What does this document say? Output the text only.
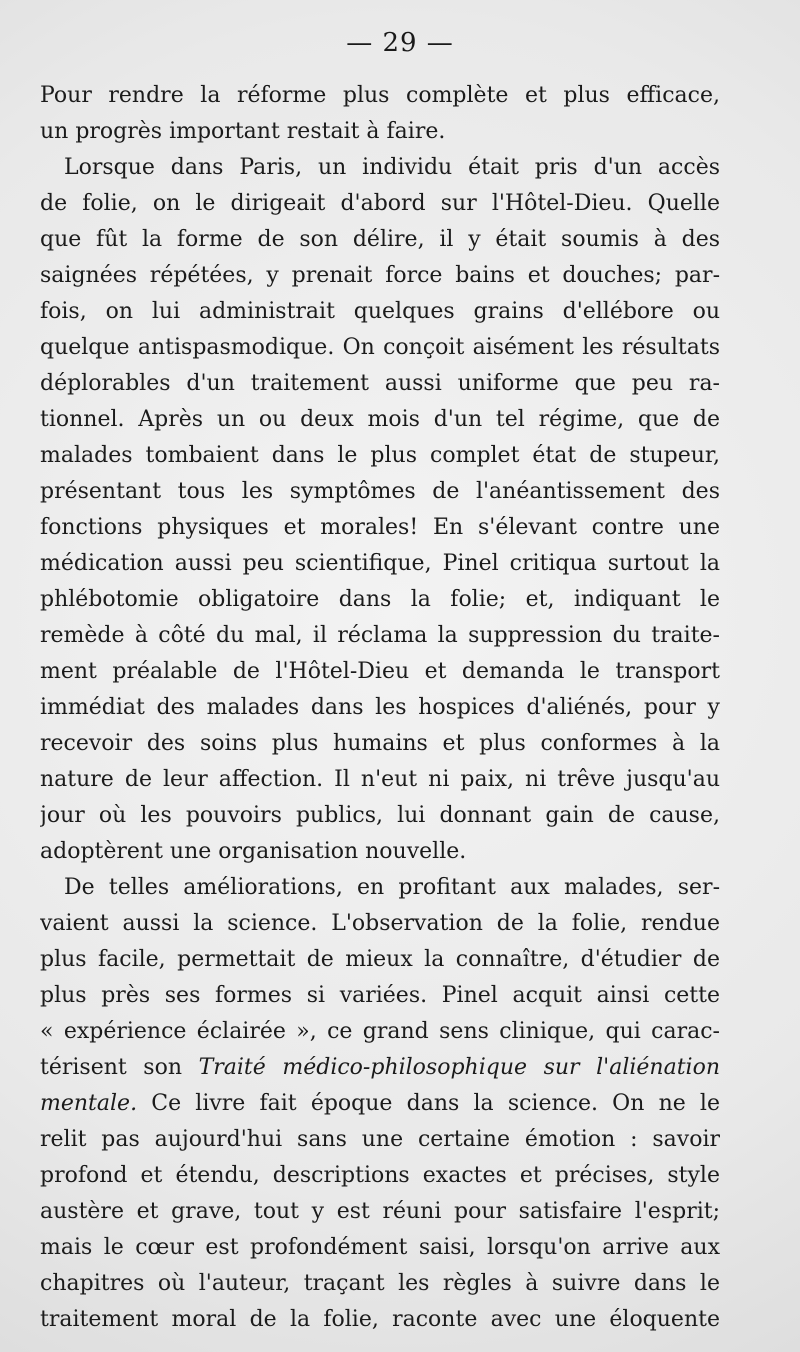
— 29 —
Pour rendre la réforme plus complète et plus efficace,
un progrès important restait à faire.
Lorsque dans Paris, un individu était pris d'un accès
de folie, on le dirigeait d'abord sur l'Hôtel-Dieu. Quelle
que fût la forme de son délire, il y était soumis à des
saignées répétées, y prenait force bains et douches; par-
fois, on lui administrait quelques grains d'ellébore ou
quelque antispasmodique. On conçoit aisément les résultats
déplorables d'un traitement aussi uniforme que peu ra-
tionnel. Après un ou deux mois d'un tel régime, que de
malades tombaient dans le plus complet état de stupeur,
présentant tous les symptômes de l'anéantissement des
fonctions physiques et morales! En s'élevant contre une
médication aussi peu scientifique, Pinel critiqua surtout la
phlébotomie obligatoire dans la folie; et, indiquant le
remède à côté du mal, il réclama la suppression du traite-
ment préalable de l'Hôtel-Dieu et demanda le transport
immédiat des malades dans les hospices d'aliénés, pour y
recevoir des soins plus humains et plus conformes à la
nature de leur affection. Il n'eut ni paix, ni trêve jusqu'au
jour où les pouvoirs publics, lui donnant gain de cause,
adoptèrent une organisation nouvelle.
De telles améliorations, en profitant aux malades, ser-
vaient aussi la science. L'observation de la folie, rendue
plus facile, permettait de mieux la connaître, d'étudier de
plus près ses formes si variées. Pinel acquit ainsi cette
« expérience éclairée », ce grand sens clinique, qui carac-
térisent son Traité médico-philosophique sur l'aliénation
mentale. Ce livre fait époque dans la science. On ne le
relit pas aujourd'hui sans une certaine émotion : savoir
profond et étendu, descriptions exactes et précises, style
austère et grave, tout y est réuni pour satisfaire l'esprit;
mais le cœur est profondément saisi, lorsqu'on arrive aux
chapitres où l'auteur, traçant les règles à suivre dans le
traitement moral de la folie, raconte avec une éloquente
